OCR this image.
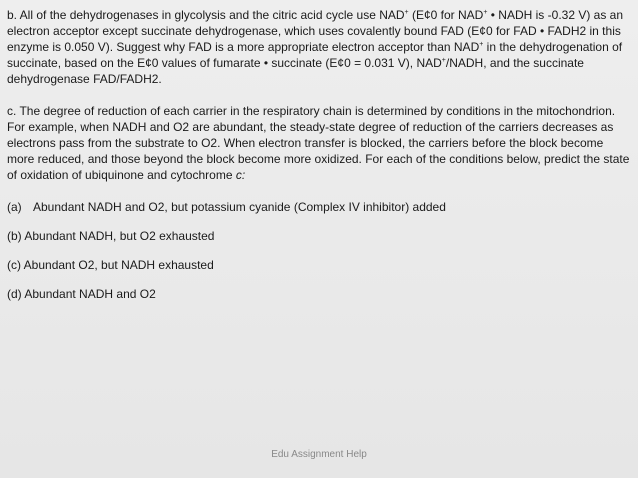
b. All of the dehydrogenases in glycolysis and the citric acid cycle use NAD+ (E¢0 for NAD+ • NADH is -0.32 V) as an
electron acceptor except succinate dehydrogenase, which uses covalently bound FAD (E¢0 for FAD • FADH2 in this
enzyme is 0.050 V). Suggest why FAD is a more appropriate electron acceptor than NAD+ in the dehydrogenation of
succinate, based on the E¢0 values of fumarate • succinate (E¢0 = 0.031 V), NAD+/NADH, and the succinate
dehydrogenase FAD/FADH2.
c. The degree of reduction of each carrier in the respiratory chain is determined by conditions in the mitochondrion.
For example, when NADH and O2 are abundant, the steady-state degree of reduction of the carriers decreases as
electrons pass from the substrate to O2. When electron transfer is blocked, the carriers before the block become
more reduced, and those beyond the block become more oxidized. For each of the conditions below, predict the state
of oxidation of ubiquinone and cytochrome c:
(a) Abundant NADH and O2, but potassium cyanide (Complex IV inhibitor) added
(b) Abundant NADH, but O2 exhausted
(c) Abundant O2, but NADH exhausted
(d) Abundant NADH and O2
Edu Assignment Help
